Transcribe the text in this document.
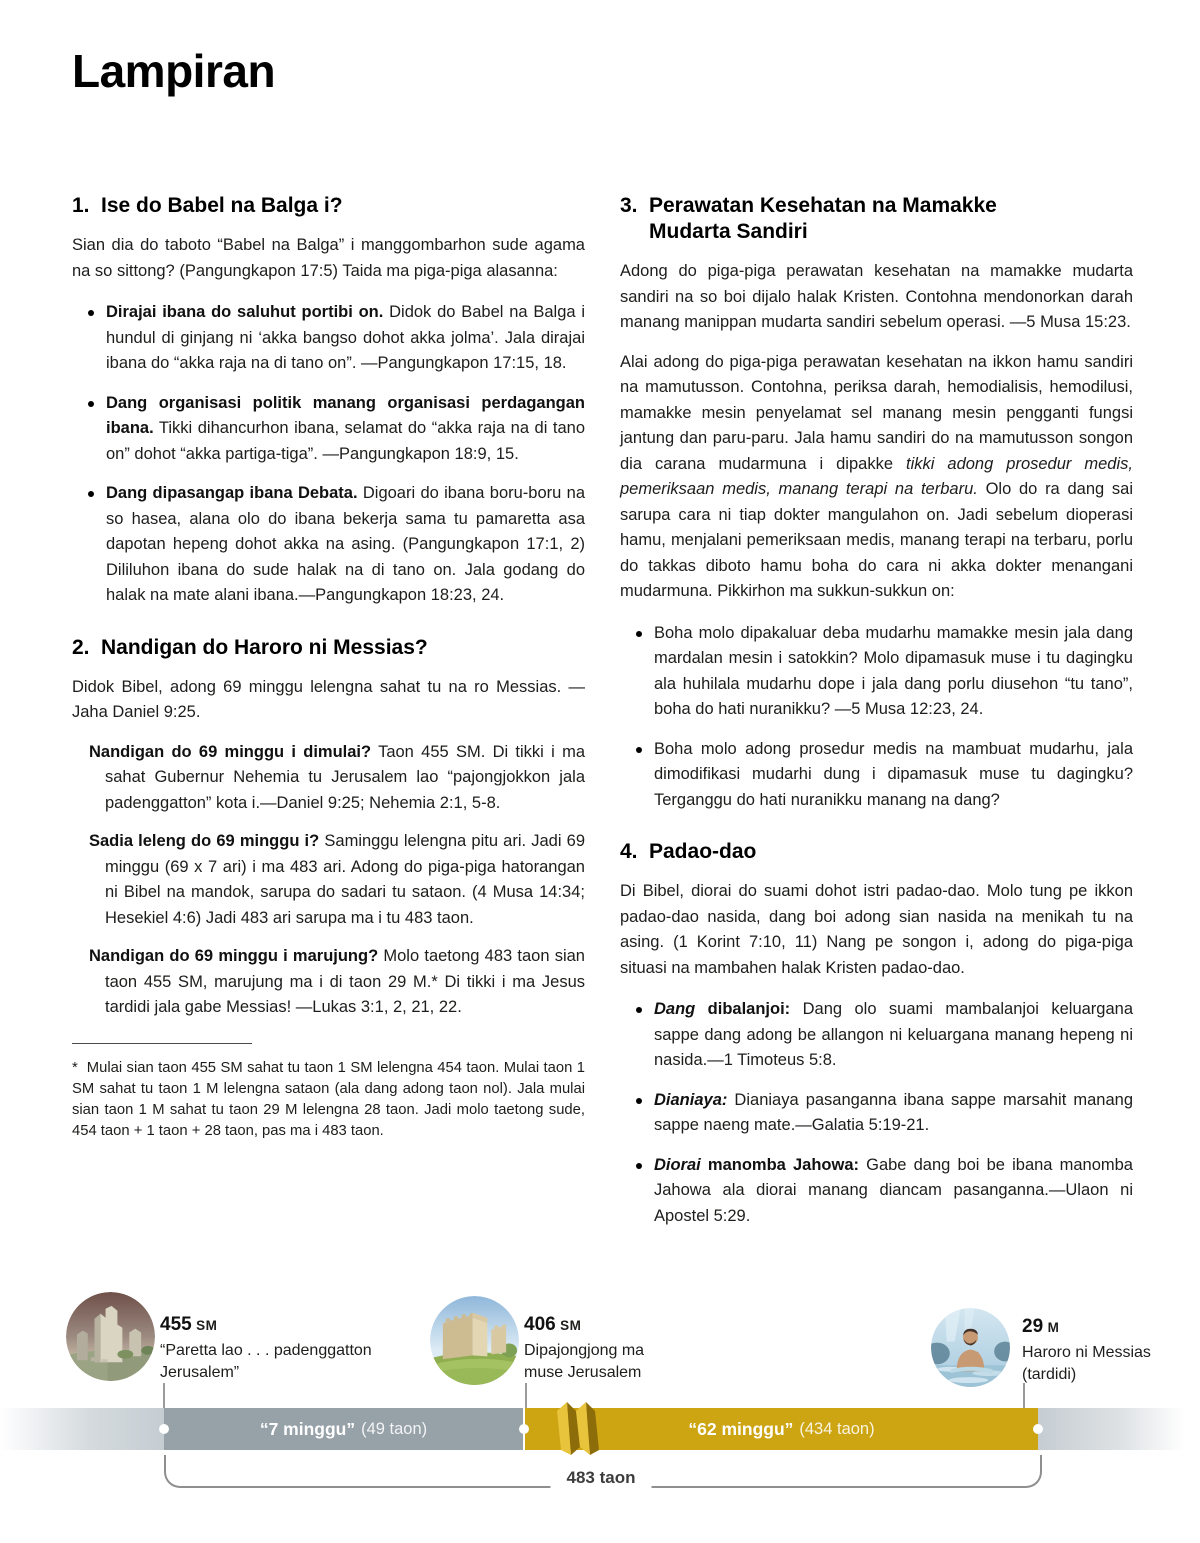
Lampiran
1. Ise do Babel na Balga i?

Sian dia do taboto “Babel na Balga” i manggombarhon sude agama na so sittong? (Pangungkapon 17:5) Taida ma piga-piga alasanna:

Dirajai ibana do saluhut portibi on. Didok do Babel na Balga i hundul di ginjang ni ‘akka bangso dohot akka jolma’. Jala dirajai ibana do “akka raja na di tano on”. —Pangungkapon 17:15, 18.
Dang organisasi politik manang organisasi perdagangan ibana. Tikki dihancurhon ibana, selamat do “akka raja na di tano on” dohot “akka partiga-tiga”. —Pangungkapon 18:9, 15.
Dang dipasangap ibana Debata. Digoari do ibana boru-boru na so hasea, alana olo do ibana bekerja sama tu pamaretta asa dapotan hepeng dohot akka na asing. (Pangungkapon 17:1, 2) Dililuhon ibana do sude halak na di tano on. Jala godang do halak na mate alani ibana.—Pangungkapon 18:23, 24.
2. Nandigan do Haroro ni Messias?

Didok Bibel, adong 69 minggu lelengna sahat tu na ro Messias. —Jaha Daniel 9:25.

Nandigan do 69 minggu i dimulai? Taon 455 SM. Di tikki i ma sahat Gubernur Nehemia tu Jerusalem lao “pajongjokkon jala padenggatton” kota i.—Daniel 9:25; Nehemia 2:1, 5-8.
Sadia leleng do 69 minggu i? Saminggu lelengna pitu ari. Jadi 69 minggu (69 x 7 ari) i ma 483 ari. Adong do piga-piga hatorangan ni Bibel na mandok, sarupa do sadari tu sataon. (4 Musa 14:34; Hesekiel 4:6) Jadi 483 ari sarupa ma i tu 483 taon.
Nandigan do 69 minggu i marujung? Molo taetong 483 taon sian taon 455 SM, marujung ma i di taon 29 M.* Di tikki i ma Jesus tardidi jala gabe Messias! —Lukas 3:1, 2, 21, 22.

* Mulai sian taon 455 SM sahat tu taon 1 SM lelengna 454 taon. Mulai taon 1 SM sahat tu taon 1 M lelengna sataon (ala dang adong taon nol). Jala mulai sian taon 1 M sahat tu taon 29 M lelengna 28 taon. Jadi molo taetong sude, 454 taon + 1 taon + 28 taon, pas ma i 483 taon.

3. Perawatan Kesehatan na Mamakke Mudarta Sandiri

Adong do piga-piga perawatan kesehatan na mamakke mudarta sandiri na so boi dijalo halak Kristen. Contohna mendonorkan darah manang manippan mudarta sandiri sebelum operasi. —5 Musa 15:23.

Alai adong do piga-piga perawatan kesehatan na ikkon hamu sandiri na mamutusson. Contohna, periksa darah, hemodialisis, hemodilusi, mamakke mesin penyelamat sel manang mesin pengganti fungsi jantung dan paru-paru. Jala hamu sandiri do na mamutusson songon dia carana mudarmuna i dipakke tikki adong prosedur medis, pemeriksaan medis, manang terapi na terbaru. Olo do ra dang sai sarupa cara ni tiap dokter mangulahon on. Jadi sebelum dioperasi hamu, menjalani pemeriksaan medis, manang terapi na terbaru, porlu do takkas diboto hamu boha do cara ni akka dokter menangani mudarmuna. Pikkirhon ma sukkun-sukkun on:

Boha molo dipakaluar deba mudarhu mamakke mesin jala dang mardalan mesin i satokkin? Molo dipamasuk muse i tu dagingku ala huhilala mudarhu dope i jala dang porlu diusehon “tu tano”, boha do hati nuranikku? —5 Musa 12:23, 24.
Boha molo adong prosedur medis na mambuat mudarhu, jala dimodifikasi mudarhi dung i dipamasuk muse tu dagingku? Terganggu do hati nuranikku manang na dang?
4. Padao-dao

Di Bibel, diorai do suami dohot istri padao-dao. Molo tung pe ikkon padao-dao nasida, dang boi adong sian nasida na menikah tu na asing. (1 Korint 7:10, 11) Nang pe songon i, adong do piga-piga situasi na mambahen halak Kristen padao-dao.

Dang dibalanjoi: Dang olo suami mambalanjoi keluargana sappe dang adong be allangon ni keluargana manang hepeng ni nasida.—1 Timoteus 5:8.
Dianiaya: Dianiaya pasanganna ibana sappe marsahit manang sappe naeng mate.—Galatia 5:19-21.
Diorai manomba Jahowa: Gabe dang boi be ibana manomba Jahowa ala diorai manang diancam pasanganna.—Ulaon ni Apostel 5:29.
455 SM
“Paretta lao . . . padenggatton Jerusalem”
406 SM
Dipajongjong ma muse Jerusalem
29 M
Haroro ni Messias (tardidi)
“7 minggu” (49 taon)	“62 minggu” (434 taon)
483 taon
